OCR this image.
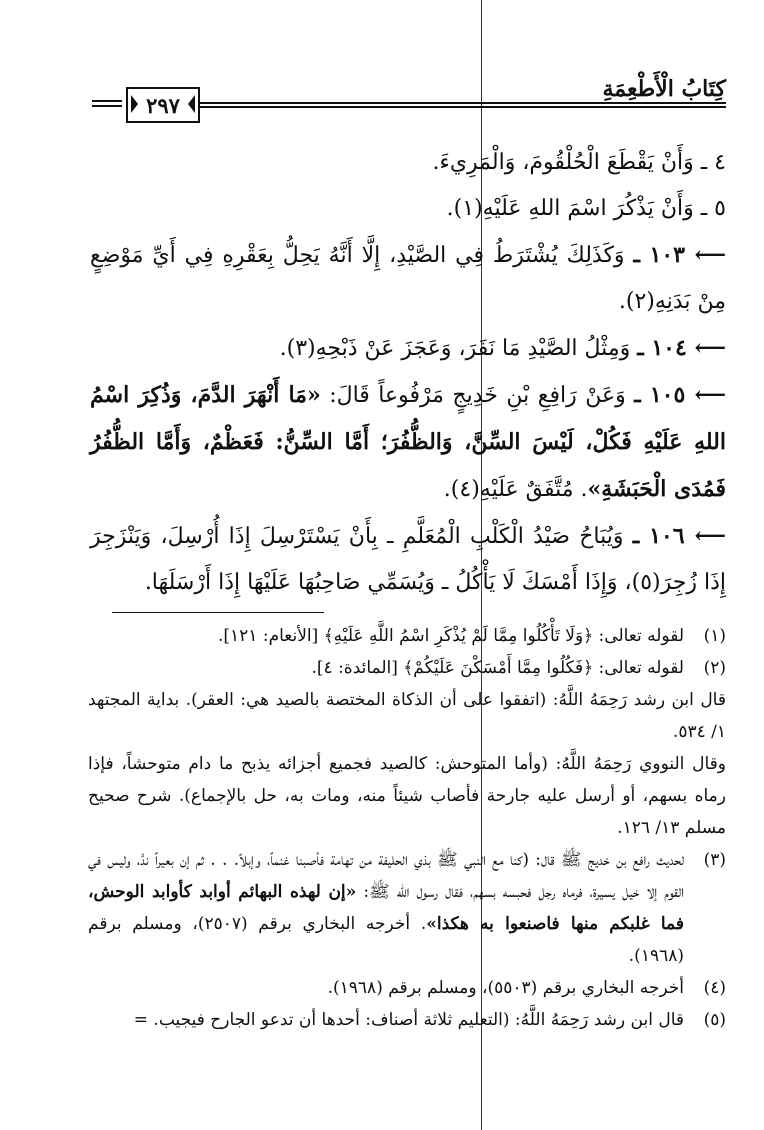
كِتَابُ الْأَطْعِمَةِ
٢٩٧

٤ ـ وَأَنْ يَقْطَعَ الْحُلْقُومَ، وَالْمَرِيءَ.

٥ ـ وَأَنْ يَذْكُرَ اسْمَ اللهِ عَلَيْهِ(١).

⟵ ١٠٣ ـ وَكَذَلِكَ يُشْتَرَطُ فِي الصَّيْدِ، إِلَّا أَنَّهُ يَحِلُّ بِعَقْرِهِ فِي أَيِّ مَوْضِعٍ مِنْ بَدَنِهِ(٢).

⟵ ١٠٤ ـ وَمِثْلُ الصَّيْدِ مَا نَفَرَ، وَعَجَزَ عَنْ ذَبْحِهِ(٣).

⟵ ١٠٥ ـ وَعَنْ رَافِعِ بْنِ خَدِيجٍ مَرْفُوعاً قَالَ: «مَا أَنْهَرَ الدَّمَ، وَذُكِرَ اسْمُ اللهِ عَلَيْهِ فَكُلْ، لَيْسَ السِّنَّ، وَالظُّفُرَ؛ أَمَّا السِّنُّ: فَعَظْمٌ، وَأَمَّا الظُّفُرُ فَمُدَى الْحَبَشَةِ». مُتَّفَقٌ عَلَيْهِ(٤).

⟵ ١٠٦ ـ وَيُبَاحُ صَيْدُ الْكَلْبِ الْمُعَلَّمِ ـ بِأَنْ يَسْتَرْسِلَ إِذَا أُرْسِلَ، وَيَنْزَجِرَ إِذَا زُجِرَ(٥)، وَإِذَا أَمْسَكَ لَا يَأْكُلُ ـ وَيُسَمِّي صَاحِبُهَا عَلَيْهَا إِذَا أَرْسَلَهَا.

(١)
لقوله تعالى: ﴿وَلَا تَأْكُلُوا مِمَّا لَمْ يُذْكَرِ اسْمُ اللَّهِ عَلَيْهِ﴾ [الأنعام: ١٢١].
(٢)
لقوله تعالى: ﴿فَكُلُوا مِمَّا أَمْسَكْنَ عَلَيْكُمْ﴾ [المائدة: ٤].
قال ابن رشد رَحِمَهُ اللَّهُ: (اتفقوا على أن الذكاة المختصة بالصيد هي: العقر). بداية المجتهد ١/ ٥٣٤.
وقال النووي رَحِمَهُ اللَّهُ: (وأما المتوحش: كالصيد فجميع أجزائه يذبح ما دام متوحشاً، فإذا رماه بسهم، أو أرسل عليه جارحة فأصاب شيئاً منه، ومات به، حل بالإجماع). شرح صحيح مسلم ١٣/ ١٢٦.
(٣)
لحديث رافع بن خديج ﷺ قال: (كنا مع النبي ﷺ بذي الحليفة من تهامة فأصبنا غنماً، وإبلاً. . . ثم إن بعيراً ندَّ، وليس في القوم إلا خيل يسيرة، فرماه رجل فحبسه بسهم، فقال رسول الله ﷺ: «إن لهذه البهائم أوابد كأوابد الوحش، فما غلبكم منها فاصنعوا به هكذا». أخرجه البخاري برقم (٢٥٠٧)، ومسلم برقم (١٩٦٨).
(٤)
أخرجه البخاري برقم (٥٥٠٣)، ومسلم برقم (١٩٦٨).
(٥)
قال ابن رشد رَحِمَهُ اللَّهُ: (التعليم ثلاثة أصناف: أحدها أن تدعو الجارح فيجيب. =
